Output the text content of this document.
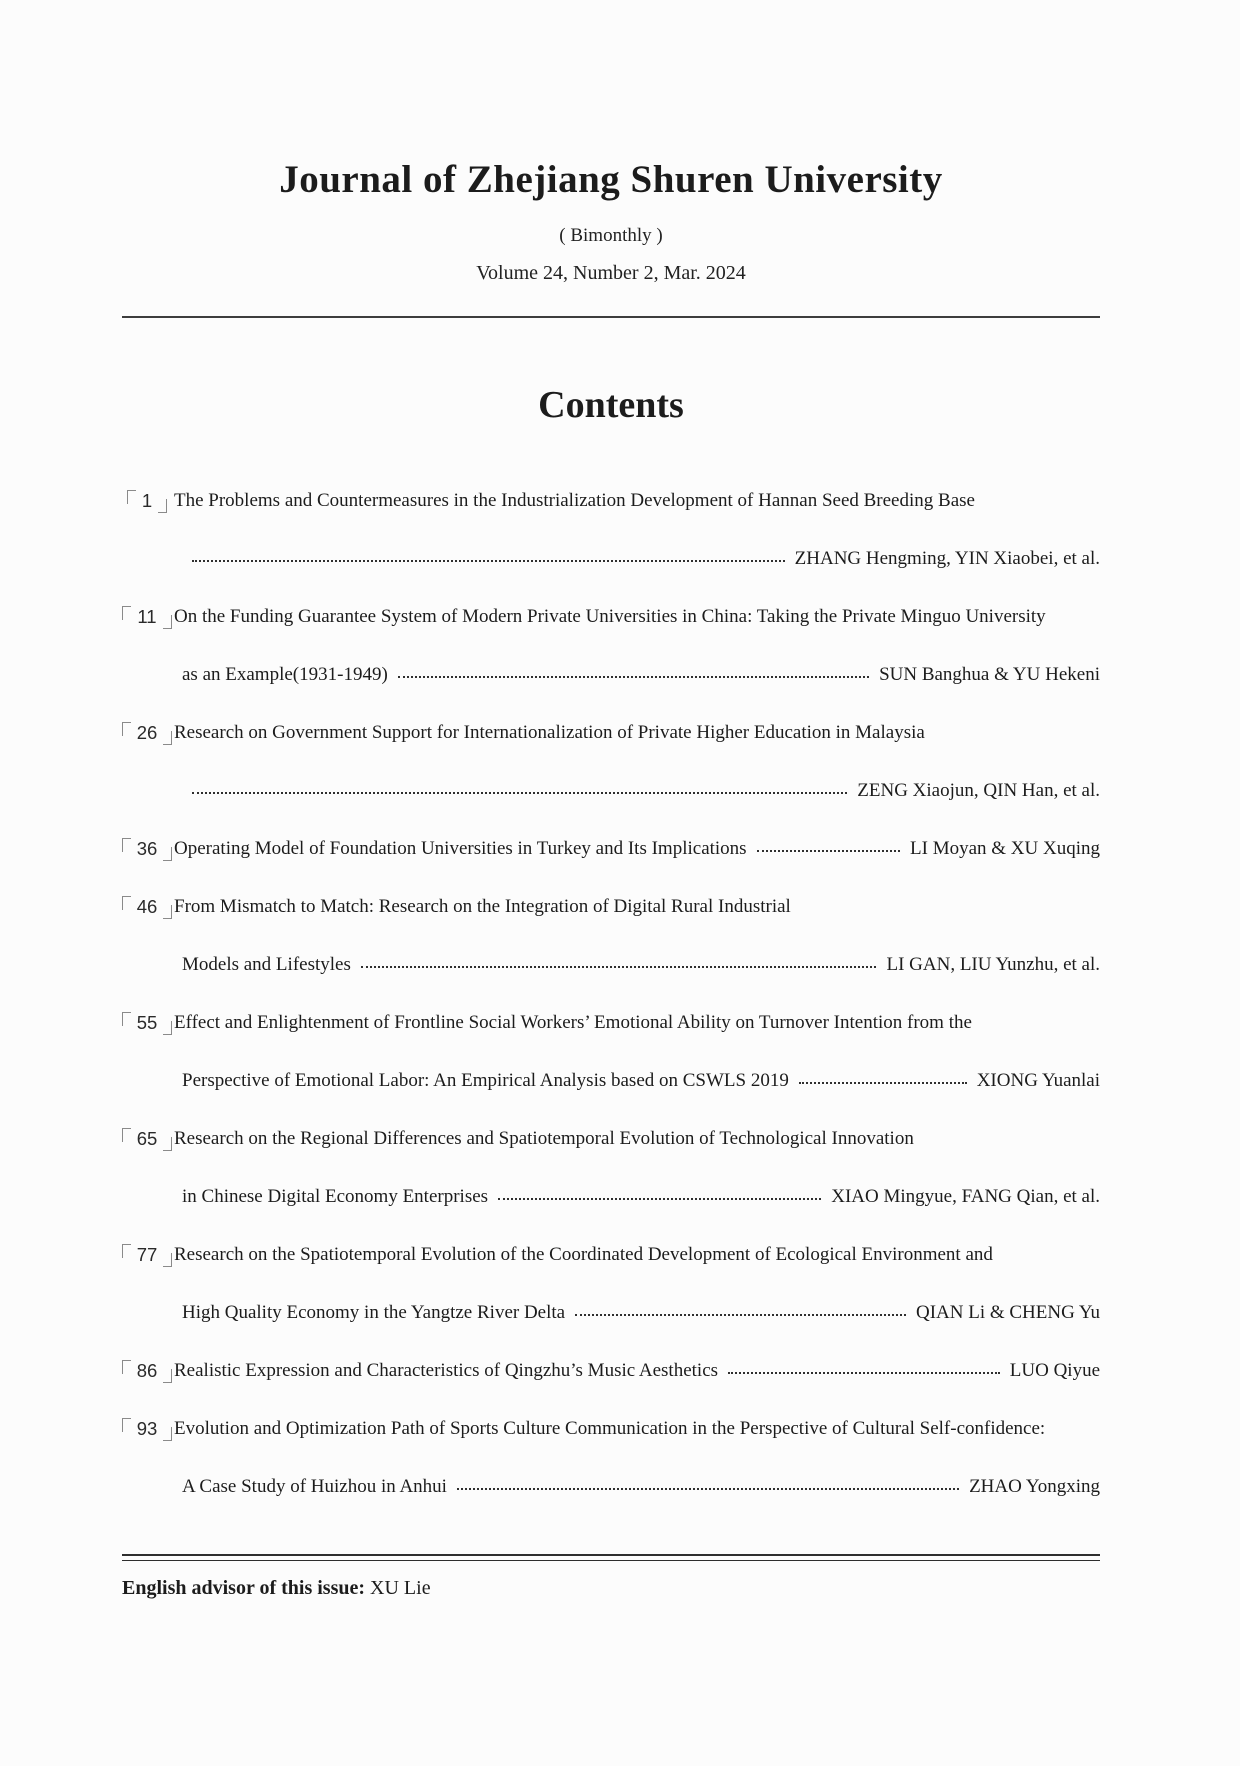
Journal of Zhejiang Shuren University
( Bimonthly )
Volume 24, Number 2, Mar. 2024
Contents
1 The Problems and Countermeasures in the Industrialization Development of Hannan Seed Breeding Base
ZHANG Hengming, YIN Xiaobei, et al.
11 On the Funding Guarantee System of Modern Private Universities in China: Taking the Private Minguo University
as an Example(1931-1949)	SUN Banghua & YU Hekeni
26 Research on Government Support for Internationalization of Private Higher Education in Malaysia
ZENG Xiaojun, QIN Han, et al.
36 Operating Model of Foundation Universities in Turkey and Its Implications	LI Moyan & XU Xuqing
46 From Mismatch to Match: Research on the Integration of Digital Rural Industrial
Models and Lifestyles	LI GAN, LIU Yunzhu, et al.
55 Effect and Enlightenment of Frontline Social Workers’ Emotional Ability on Turnover Intention from the
Perspective of Emotional Labor: An Empirical Analysis based on CSWLS 2019	XIONG Yuanlai
65 Research on the Regional Differences and Spatiotemporal Evolution of Technological Innovation
in Chinese Digital Economy Enterprises	XIAO Mingyue, FANG Qian, et al.
77 Research on the Spatiotemporal Evolution of the Coordinated Development of Ecological Environment and
High Quality Economy in the Yangtze River Delta	QIAN Li & CHENG Yu
86 Realistic Expression and Characteristics of Qingzhu’s Music Aesthetics	LUO Qiyue
93 Evolution and Optimization Path of Sports Culture Communication in the Perspective of Cultural Self-confidence:
A Case Study of Huizhou in Anhui	ZHAO Yongxing
English advisor of this issue: XU Lie
